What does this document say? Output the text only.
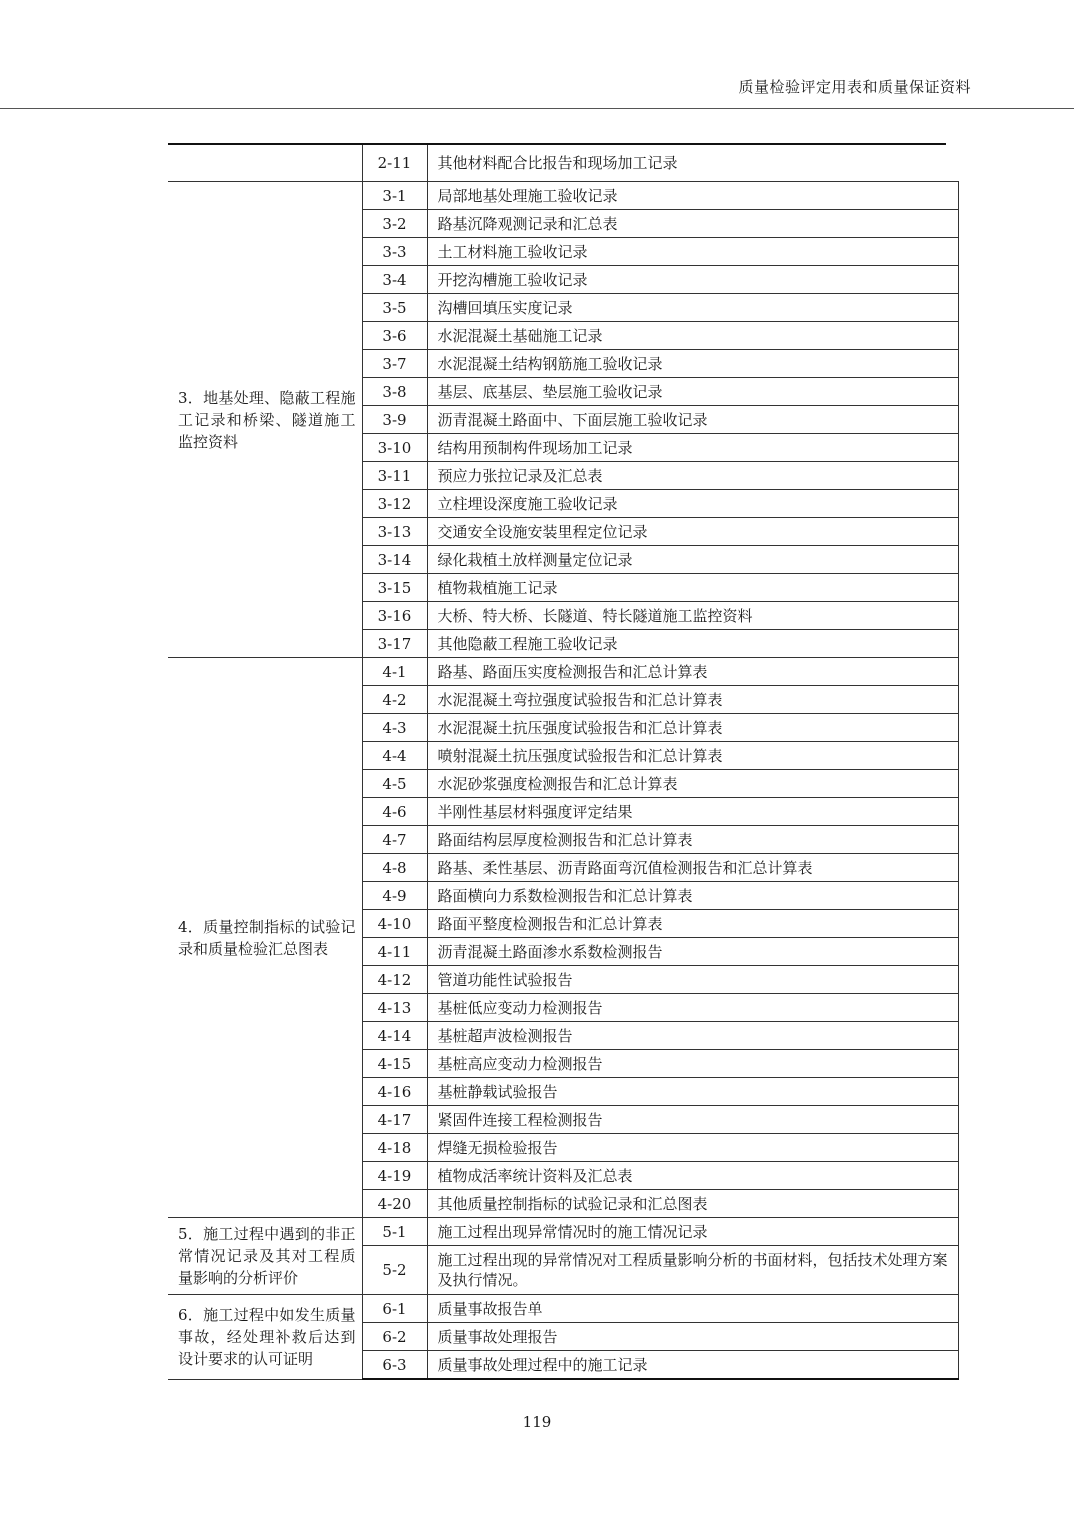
质量检验评定用表和质量保证资料
	2-11	其他材料配合比报告和现场加工记录
3．地基处理、隐蔽工程施工记录和桥梁、隧道施工监控资料	3-1	局部地基处理施工验收记录
	3-2	路基沉降观测记录和汇总表
	3-3	土工材料施工验收记录
	3-4	开挖沟槽施工验收记录
	3-5	沟槽回填压实度记录
	3-6	水泥混凝土基础施工记录
	3-7	水泥混凝土结构钢筋施工验收记录
	3-8	基层、底基层、垫层施工验收记录
	3-9	沥青混凝土路面中、下面层施工验收记录
	3-10	结构用预制构件现场加工记录
	3-11	预应力张拉记录及汇总表
	3-12	立柱埋设深度施工验收记录
	3-13	交通安全设施安装里程定位记录
	3-14	绿化栽植土放样测量定位记录
	3-15	植物栽植施工记录
	3-16	大桥、特大桥、长隧道、特长隧道施工监控资料
	3-17	其他隐蔽工程施工验收记录
4．质量控制指标的试验记录和质量检验汇总图表	4-1	路基、路面压实度检测报告和汇总计算表
	4-2	水泥混凝土弯拉强度试验报告和汇总计算表
	4-3	水泥混凝土抗压强度试验报告和汇总计算表
	4-4	喷射混凝土抗压强度试验报告和汇总计算表
	4-5	水泥砂浆强度检测报告和汇总计算表
	4-6	半刚性基层材料强度评定结果
	4-7	路面结构层厚度检测报告和汇总计算表
	4-8	路基、柔性基层、沥青路面弯沉值检测报告和汇总计算表
	4-9	路面横向力系数检测报告和汇总计算表
	4-10	路面平整度检测报告和汇总计算表
	4-11	沥青混凝土路面渗水系数检测报告
	4-12	管道功能性试验报告
	4-13	基桩低应变动力检测报告
	4-14	基桩超声波检测报告
	4-15	基桩高应变动力检测报告
	4-16	基桩静载试验报告
	4-17	紧固件连接工程检测报告
	4-18	焊缝无损检验报告
	4-19	植物成活率统计资料及汇总表
	4-20	其他质量控制指标的试验记录和汇总图表
5．施工过程中遇到的非正常情况记录及其对工程质量影响的分析评价	5-1	施工过程出现异常情况时的施工情况记录
	5-2	施工过程出现的异常情况对工程质量影响分析的书面材料，包括技术处理方案及执行情况。
6．施工过程中如发生质量事故，经处理补救后达到设计要求的认可证明	6-1	质量事故报告单
	6-2	质量事故处理报告
	6-3	质量事故处理过程中的施工记录
119
